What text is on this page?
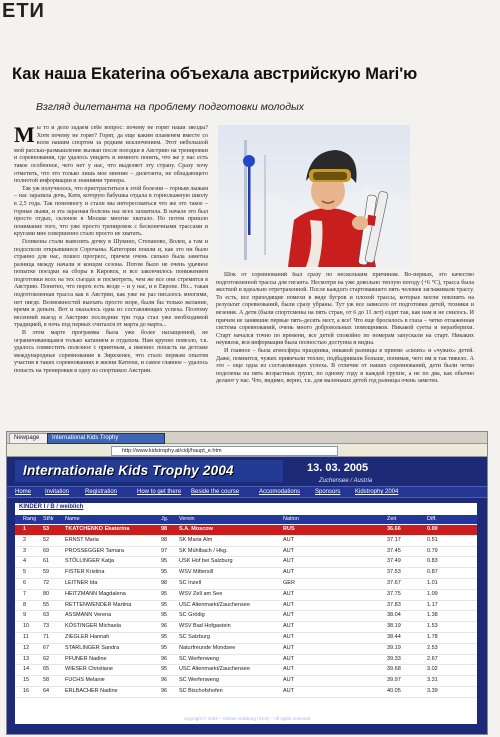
ЕТИ
Как наша Ekaterina объехала австрийскую Mari'ю
Взгляд дилетанта на проблему подготовки молодых
М ы то и дело задаем себе вопрос: почему не горят наши звезды? Хотя почему не горят? Горят, да еще каким пламенем вместе со всем нашим спортом за редким исключением. Этот небольшой мой рассказ-размышление вызван после поездки в Австрию на тренировки и соревнования, где удалось увидеть и немного понять, что же у нас есть такое особенное, чего нет у нас, что выделяет эту страну. Сразу хочу отметить, что это только лишь мое мнение – дилетанта, не обладающего полнотой информации и знаниями тренера.

Так уж получилось, что пристраститься к этой болезни – горным лыжам – нас заразила дочь, Катя, которую бабушка отдала в горнолыжную школу в 2,5 года. Так понемногу и стали мы интересоваться что же это такое – горные лыжи, и эта заразная болезнь нас всех захватила. В начале это был просто отдых, склонов в Москве многие хватало. Но потом пришло понимание того, что уже просто тренировок с бесконечными трассами и кругами мне совершенно стало просто не хватать.

Геликоны стали вывозить дочку в Шукино, Степаново, Волен, а там и подоспели открывшиеся Сорочаны. Категории пошли и, как это ни было странно для нас, пошел прогресс, причем очень сильно была заметна разница между начали и концом сезона. Потом было не очень удачное попытке поездки на сборы в Кировск, и все закончилось понижением подготовки всех на тех съездах и посмотреть, чем же все они стремятся в Австрию. Понятно, что порох есть везде – и у нас, и в Европе. Но... такая подготовленная трасса как в Австрии, как уже не раз писалось многими, нет нигде. Возможностей выехать просто море, были бы только желание, время и деньги. Вот и оказалось одна из составляющих успеха. Поэтому весенний выезд в Австрию последние три года стал уже необходимой традицией, в ночь под первых считался от марта до марта...

В этом марте программа была уже более насыщенной, не ограничивающаяся только катанием и отдыхом. Нам крупно повезло, т.к. удалось совместить полезное с приятным, а именно: попасть на детские международные соревнования в Зиркхенее, что стало первым опытом участия в таких соревнованиях в жизни Катюхи, и самое главное – удалось попасть на тренировки в одну из спортшкол Австрии.

Шок от соревнований был сразу по нескольким причинам. Во-первых, это качество подготовленной трассы для гиганта. Несмотря на уже довольно теплую погоду (+6 °С), трасса была жесткой и идеально отретрахенной. После каждого стартовавшего пять человек заглаживали трассу. То есть, все приходящие помехи в виде бугров и плохой трассы, которые могли повлиять на результат соревнований, были сразу убраны. Тут уж все зависело от подготовки детей, техники и везения. А дети (были спортсмены на пять стран, от 6 до 11 лет) ездят так, как нам и не снилось. И причем не занявшие первые пять-десять мест, а все! Что еще бросилось в глаза – четко отлаженная система соревнований, очень много добровольных помощников. Никакой суеты и неразберихи. Старт начался точно по времени, все детей спокойно по номерам запускали на старт. Никаких неувязок, вся информация была полностью доступна и видна.

И главное – была атмосфера праздника, никакой разницы в приеме «своих» и «чужих» детей. Даже, помнится, чужих привечали теплее, подбадривали больше, понимая, чего им и так тяжело. А это – еще одна из составляющих успеха. В отличие от наших соревнований, дети были четко поделены на пять возрастных групп, по одному году в каждой группе, а не по два, как обычно делают у нас. Что, видимо, верно, т.к. для маленьких детей год разницы очень заметен.

Newpage	International Kids Trophy
http://www.kidstrophy.at/cidj/haupt_e.htm
Internationale Kids Trophy 2004	13. 03. 2005
Zuchensee / Austria
Home Invitation	Registration	How to get there Beside the course	Accomodations Sponsors Kidstrophy 2004
KINDER I / B / weiblich
Rang StNr Name	Jg. Verein	Nation	Zeit	Diff.
1	53	TKATCHENKO Ekaterina	98 S.A. Moscow	RUS	36.66	0.00
2	52	ERNST Maria	98 SK Maria Alm	AUT	37.17	0.51
3	69	PROSSEGGER Tamara	97 SK Mühlbach / Hkg.	AUT	37.45	0.79
4	61	STÖLLINGER Katja	95 USK Hof bei Salzburg	AUT	37.49	0.83
5	59	FISTER Kristina	95 WSV Mittersill	AUT	37.53	0.87
6	72	LEITNER Ida	98 SC Inzell	GER	37.67	1.01
7	80	HEITZMANN Magdalena	95 WSV Zell am See	AUT	37.75	1.09
8	55	RETTENWENDER Martina	95 USC Altenmarkt/Zauchensee	AUT	37.83	1.17
9	63	ASSMANN Verena	95 SC Grödig	AUT	38.04	1.38
10	73	KÖSTINGER Michaela	96 WSV Bad Hofgastein	AUT	38.19	1.53
11	71	ZIEGLER Hannah	95 SC Salzburg	AUT	38.44	1.78
12	67	STARLINGER Sandra	95 Naturfreunde Mondsee	AUT	39.19	2.53
13	62	PFUNER Nadine	96 SC Werfenweng	AUT	39.33	2.67
14	65	WIESER Christiane	95 USC Altenmarkt/Zauchensee	AUT	39.68	3.02
15	58	FUCHS Melanie	96 SC Werfenweng	AUT	39.97	3.31
16	64	ERLBACHER Nadine	96 SC Bischofshofen	AUT	40.05	3.39
copyright © 2004 – Steiner Salzburg (SCS) – All rights reserved
